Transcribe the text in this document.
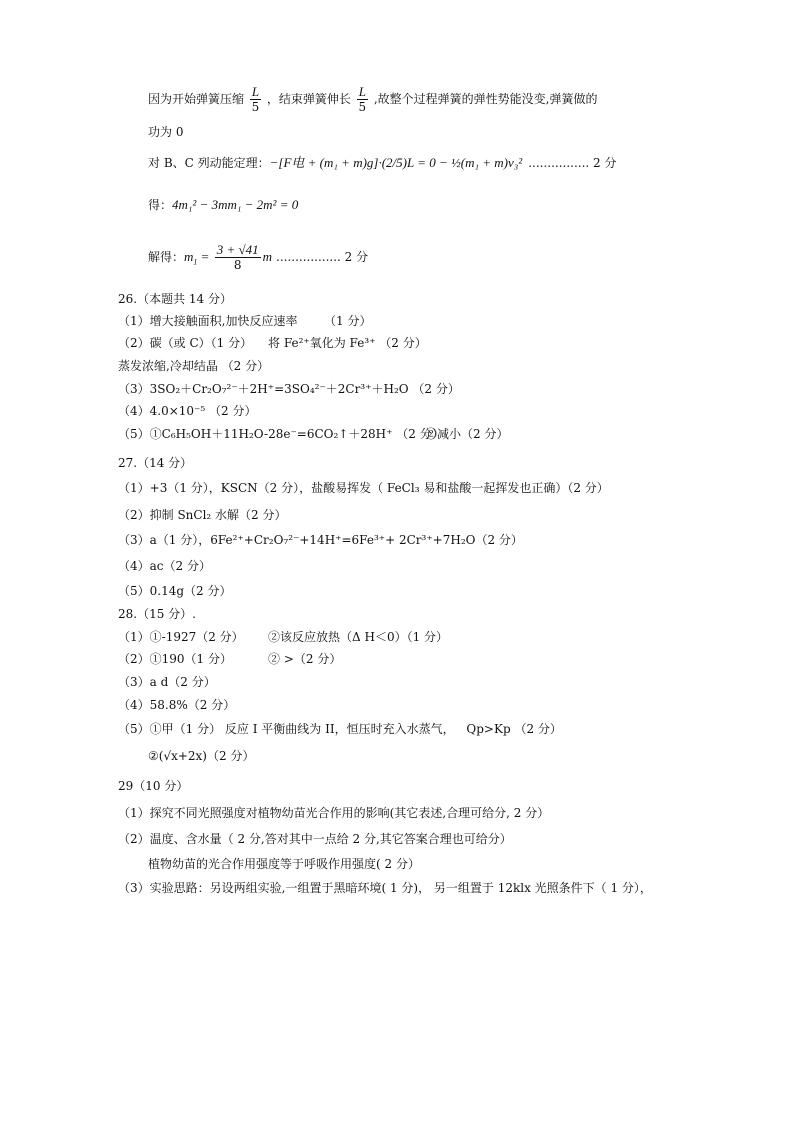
因为开始弹簧压缩 $\frac{L}{5}$ ，结束弹簧伸长 $\frac{L}{5}$ ,故整个过程弹簧的弹性势能没变,弹簧做的
功为 0
对 B、C 列动能定理：−[F电 + (m₁ + m)g]·(2/5)L = 0 − ½(m₁ + m)v₃² ................ 2 分
得：4m₁² − 3mm₁ − 2m² = 0
解得：$m_1 = \frac{3 + √41}{8}$ m ................. 2 分
26.（本题共 14 分）
（1）增大接触面积,加快反应速率 （1 分）
（2）碳（或 C）（1 分） 将 Fe²⁺氧化为 Fe³⁺ （2 分）
蒸发浓缩,冷却结晶 （2 分）
（3）3SO₂＋Cr₂O₇²⁻＋2H⁺=3SO₄²⁻＋2Cr³⁺＋H₂O （2 分）
（4）4.0×10⁻⁵ （2 分）
（5）①C₆H₅OH＋11H₂O-28e⁻=6CO₂↑＋28H⁺ （2 分）
②减小（2 分）
27.（14 分）
（1）+3（1 分），KSCN（2 分），盐酸易挥发（ FeCl₃ 易和盐酸一起挥发也正确）（2 分）
（2）抑制 SnCl₂ 水解（2 分）
（3）a（1 分），6Fe²⁺+Cr₂O₇²⁻+14H⁺=6Fe³⁺+ 2Cr³⁺+7H₂O（2 分）
（4）ac（2 分）
（5）0.14g（2 分）
28.（15 分）.
（1）①-1927（2 分） ②该反应放热（Δ H＜0）（1 分）
（2）①190（1 分）	② >（2 分）
（3）a d（2 分）
（4）58.8%（2 分）
（5）①甲（1 分） 反应 I 平衡曲线为 II，恒压时充入水蒸气， Qp>Kp （2 分）
②(√x+2x)（2 分）
29（10 分）
（1）探究不同光照强度对植物幼苗光合作用的影响(其它表述,合理可给分, 2 分）
（2）温度、含水量（ 2 分,答对其中一点给 2 分,其它答案合理也可给分）
植物幼苗的光合作用强度等于呼吸作用强度( 2 分）
（3）实验思路：另设两组实验,一组置于黑暗环境( 1 分)， 另一组置于 12klx 光照条件下（ 1 分），
